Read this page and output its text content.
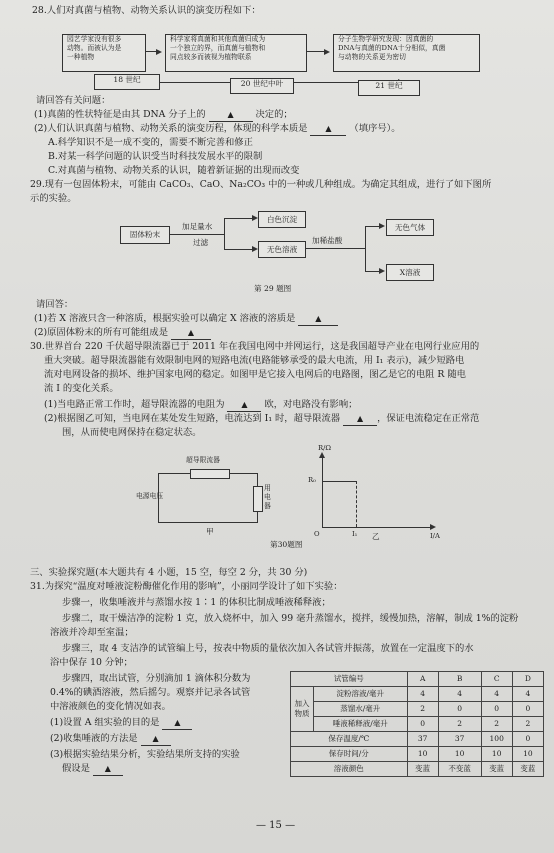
28.人们对真菌与植物、动物关系认识的演变历程如下：
园艺学家没有很多
动物。而被认为是
一种植物
科学家将真菌和其他真菌归成为
一个独立的界，而真菌与植物和
同点较多而被视为植物联系
分子生物学研究发现：因真菌的
DNA与真菌的DNA十分相似，真菌
与动物的关系更为密切
18 世纪	20 世纪中叶	21 世纪
请回答有关问题：
(1)真菌的性状特征是由其 DNA 分子上的	▲ 决定的；
(2)人们认识真菌与植物、动物关系的演变历程，体现的科学本质是 ▲ （填序号）。
A.科学知识不是一成不变的，需要不断完善和修正
B.对某一科学问题的认识受当时科技发展水平的限制
C.对真菌与植物、动物关系的认识，随着新证据的出现而改变
29.现有一包固体粉末，可能由 CaCO₃、CaO、Na₂CO₃ 中的一种或几种组成。为确定其组成，进行了如下图所
示的实验。
固体粉末
加足量水
过滤
白色沉淀
无色溶液
加稀盐酸
无色气体
X溶液
第 29 题图
请回答：
(1)若 X 溶液只含一种溶质，根据实验可以确定 X 溶液的溶质是 ▲
(2)原固体粉末的所有可能组成是 ▲
30.世界首台 220 千伏超导限流器已于 2011 年在我国电网中并网运行，这是我国超导产业在电网行业应用的
重大突破。超导限流器能有效限制电网的短路电流(电路能够承受的最大电流，用 I₁ 表示)，减少短路电
流对电网设备的损坏、维护国家电网的稳定。如图甲是它接入电网后的电路图，图乙是它的电阻 R 随电
流 I 的变化关系。
(1)当电路正常工作时，超导限流器的电阻为 ▲ 欧，对电路没有影响；
(2)根据图乙可知，当电网在某处发生短路，电流达到 I₁ 时，超导限流器 ▲ ，保证电流稳定在正常范
围，从而使电网保持在稳定状态。
超导限流器
用电器
电源电压
甲
R/Ω
R₀
O	I₁ 乙	I/A
第30题图
三、实验探究题(本大题共有 4 小题，15 空，每空 2 分，共 30 分)
31.为探究“温度对唾液淀粉酶催化作用的影响”，小丽同学设计了如下实验：
步骤一，收集唾液并与蒸馏水按 1∶1 的体积比制成唾液稀释液；
步骤二，取干燥洁净的淀粉 1 克，放入烧杯中，加入 99 毫升蒸馏水，搅拌，缓慢加热，溶解，制成 1%的淀粉
溶液并冷却至室温；
步骤三，取 4 支洁净的试管编上号，按表中物质的量依次加入各试管并振荡，放置在一定温度下的水
浴中保存 10 分钟；
步骤四，取出试管，分别滴加 1 滴体积分数为
0.4%的碘酒溶液，然后摇匀。观察并记录各试管
中溶液颜色的变化情况如表。
(1)设置 A 组实验的目的是 ▲
(2)收集唾液的方法是 ▲
(3)根据实验结果分析，实验结果所支持的实验
假设是 ▲
试管编号		A	B	C	D
加入物质	淀粉溶液/毫升	4	4	4	4
	蒸馏水/毫升	2	0	0	0
	唾液稀释液/毫升	0	2	2	2
保存温度/℃		37	37	100	0
保存时间/分		10	10	10	10
溶液颜色		变蓝	不变蓝	变蓝	变蓝
— 15 —
